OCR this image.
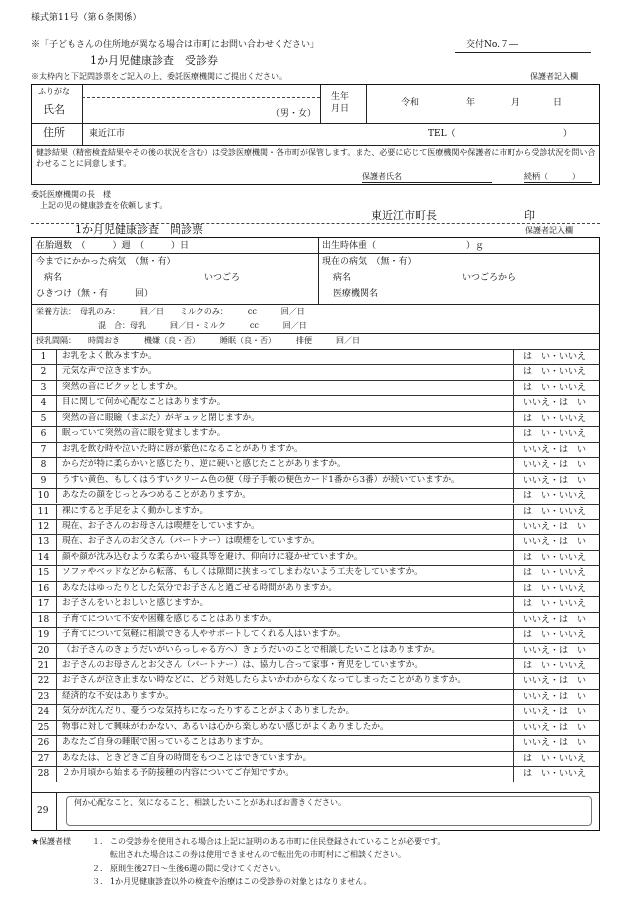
様式第11号（第６条関係）
※「子どもさんの住所地が異なる場合は市町にお問い合わせください」	交付No.７―
1か月児健康診査　受診券
※太枠内と下記問診票をご記入の上、委託医療機関にご提出ください。	保護者記入欄
ふりがな
氏名	（男・女）
生年
月日
令和	年	月	日
住所	東近江市	TEL（	）
健診結果（精密検査結果やその後の状況を含む）は受診医療機関・各市町が保管します。また、必要に応じて医療機関や保護者に市町から受診状況を問い合わせることに同意します。
保護者氏名	続柄（　　　）
委託医療機関の長　様
上記の児の健康診査を依頼します。
東近江市町長	印
1か月児健康診査　問診票	保護者記入欄
在胎週数　（　　　）週　（　　　）日	出生時体重（　　　　　　　　　　）ｇ
今までにかかった病気　（無・有）
病名	いつごろ
ひきつけ（無・有　　　回）
現在の病気　（無・有）
病名	いつごろから
医療機関名
栄養方法：　母乳のみ：　　　回／日　　ミルクのみ：　　　cc　　　回／日
混　合：母乳　　　回／日・ミルク　　　cc　　　回／日
授乳間隔：　　時間おき　　　機嫌（良・否）　　　睡眠（良・否）　　　排便　　　回／日
1	お乳をよく飲みますか。	は　い・いいえ
2	元気な声で泣きますか。	は　い・いいえ
3	突然の音にビクッとしますか。	は　い・いいえ
4	目に関して何か心配なことはありますか。	いいえ・は　い
5	突然の音に眼瞼（まぶた）がギュッと閉じますか。	は　い・いいえ
6	眠っていて突然の音に眼を覚ましますか。	は　い・いいえ
7	お乳を飲む時や泣いた時に唇が紫色になることがありますか。	いいえ・は　い
8	からだが特に柔らかいと感じたり、逆に硬いと感じたことがありますか。	いいえ・は　い
9	うすい黄色、もしくはうすいクリーム色の便（母子手帳の便色カード1番から3番）が続いていますか。	いいえ・は　い
10	あなたの顔をじっとみつめることがありますか。	は　い・いいえ
11	裸にすると手足をよく動かしますか。	は　い・いいえ
12	現在、お子さんのお母さんは喫煙をしていますか。	いいえ・は　い
13	現在、お子さんのお父さん（パートナー）は喫煙をしていますか。	いいえ・は　い
14	顔や顔が沈み込むような柔らかい寝具等を避け、仰向けに寝かせていますか。	は　い・いいえ
15	ソファやベッドなどから転落、もしくは隙間に挟まってしまわないよう工夫をしていますか。	は　い・いいえ
16	あなたはゆったりとした気分でお子さんと過ごせる時間がありますか。	は　い・いいえ
17	お子さんをいとおしいと感じますか。	は　い・いいえ
18	子育てについて不安や困難を感じることはありますか。	いいえ・は　い
19	子育てについて気軽に相談できる人やサポートしてくれる人はいますか。	は　い・いいえ
20	（お子さんのきょうだいがいらっしゃる方へ）きょうだいのことで相談したいことはありますか。	いいえ・は　い
21	お子さんのお母さんとお父さん（パートナー）は、協力し合って家事・育児をしていますか。	は　い・いいえ
22	お子さんが泣き止まない時などに、どう対処したらよいかわからなくなってしまったことがありますか。	いいえ・は　い
23	経済的な不安はありますか。	いいえ・は　い
24	気分が沈んだり、憂うつな気持ちになったりすることがよくありましたか。	いいえ・は　い
25	物事に対して興味がわかない、あるいは心から楽しめない感じがよくありましたか。	いいえ・は　い
26	あなたご自身の睡眠で困っていることはありますか。	いいえ・は　い
27	あなたは、ときどきご自身の時間をもつことはできていますか。	は　い・いいえ
28	２か月頃から始まる予防接種の内容についてご存知ですか。	は　い・いいえ
29
何か心配なこと、気になること、相談したいことがあればお書きください。
★保護者様	１． この受診券を使用される場合は上記に証明のある市町に住民登録されていることが必要です。
転出された場合はこの券は使用できませんので転出先の市町村にご相談ください。
２． 原則生後27日～生後6週の間に受けてください。
３． 1か月児健康診査以外の検査や治療はこの受診券の対象とはなりません。
